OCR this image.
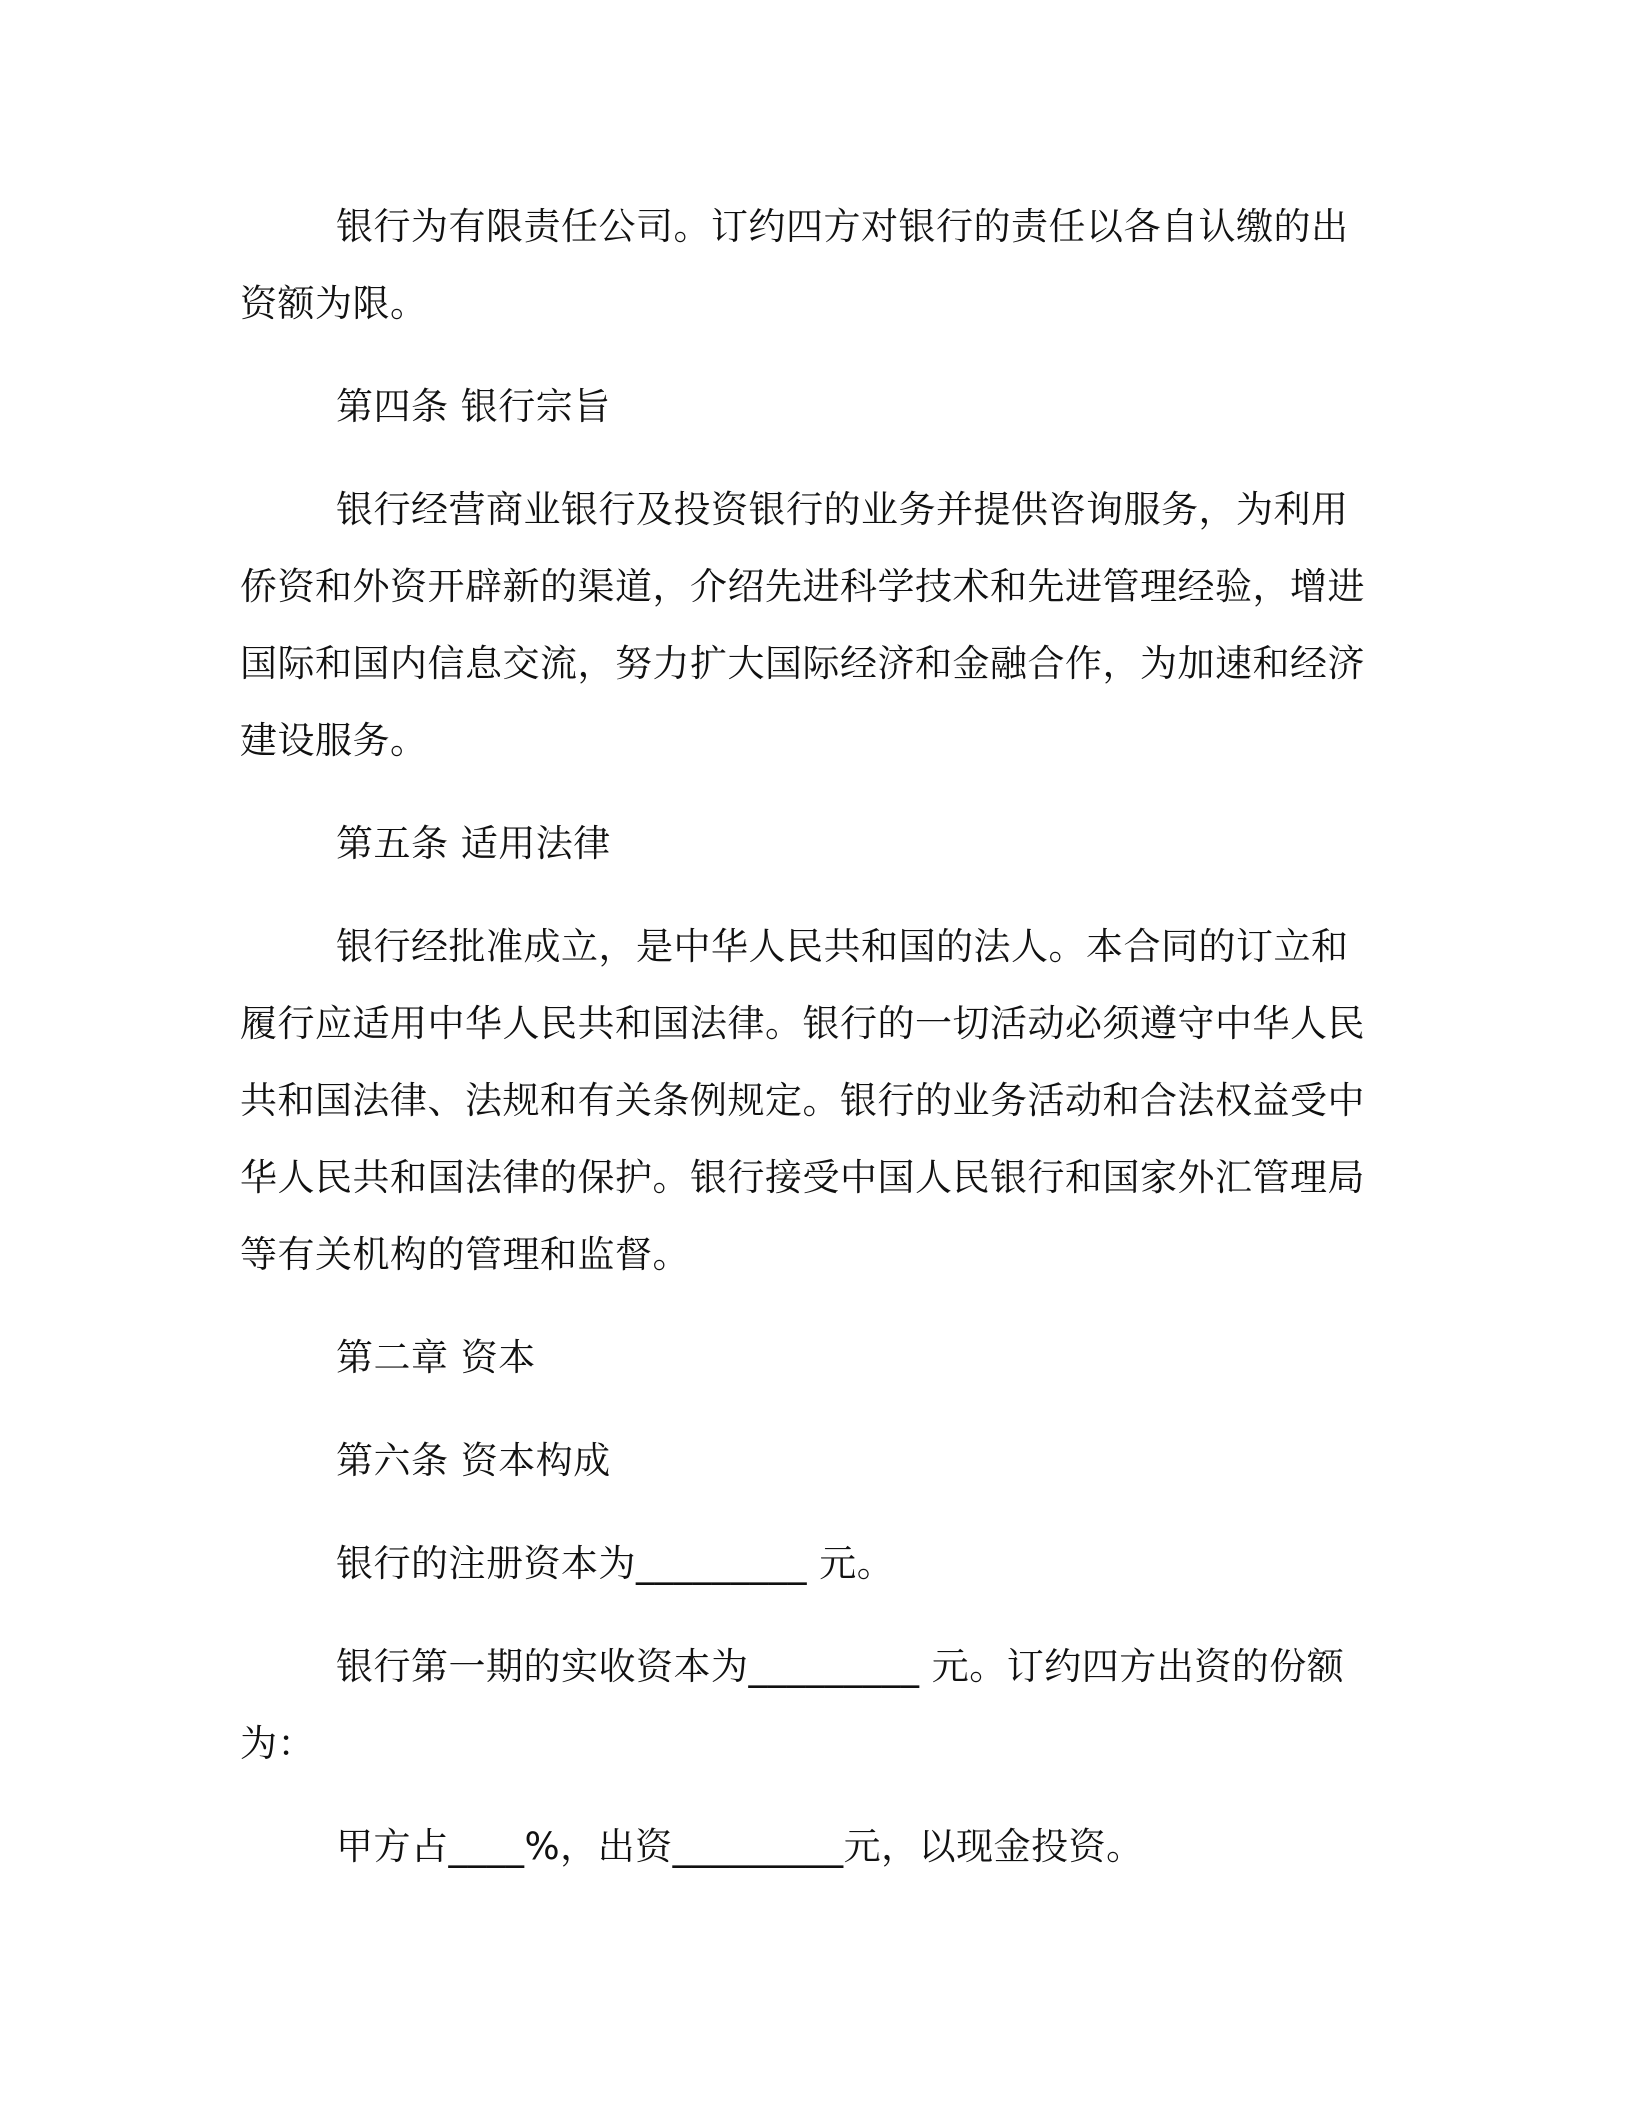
银行为有限责任公司。订约四方对银行的责任以各自认缴的出资额为限。

第四条 银行宗旨

银行经营商业银行及投资银行的业务并提供咨询服务，为利用侨资和外资开辟新的渠道，介绍先进科学技术和先进管理经验，增进国际和国内信息交流，努力扩大国际经济和金融合作，为加速和经济建设服务。

第五条 适用法律

银行经批准成立，是中华人民共和国的法人。本合同的订立和履行应适用中华人民共和国法律。银行的一切活动必须遵守中华人民共和国法律、法规和有关条例规定。银行的业务活动和合法权益受中华人民共和国法律的保护。银行接受中国人民银行和国家外汇管理局等有关机构的管理和监督。

第二章 资本

第六条 资本构成

银行的注册资本为_________ 元。

银行第一期的实收资本为_________ 元。订约四方出资的份额为：

甲方占____%，出资_________元，以现金投资。
